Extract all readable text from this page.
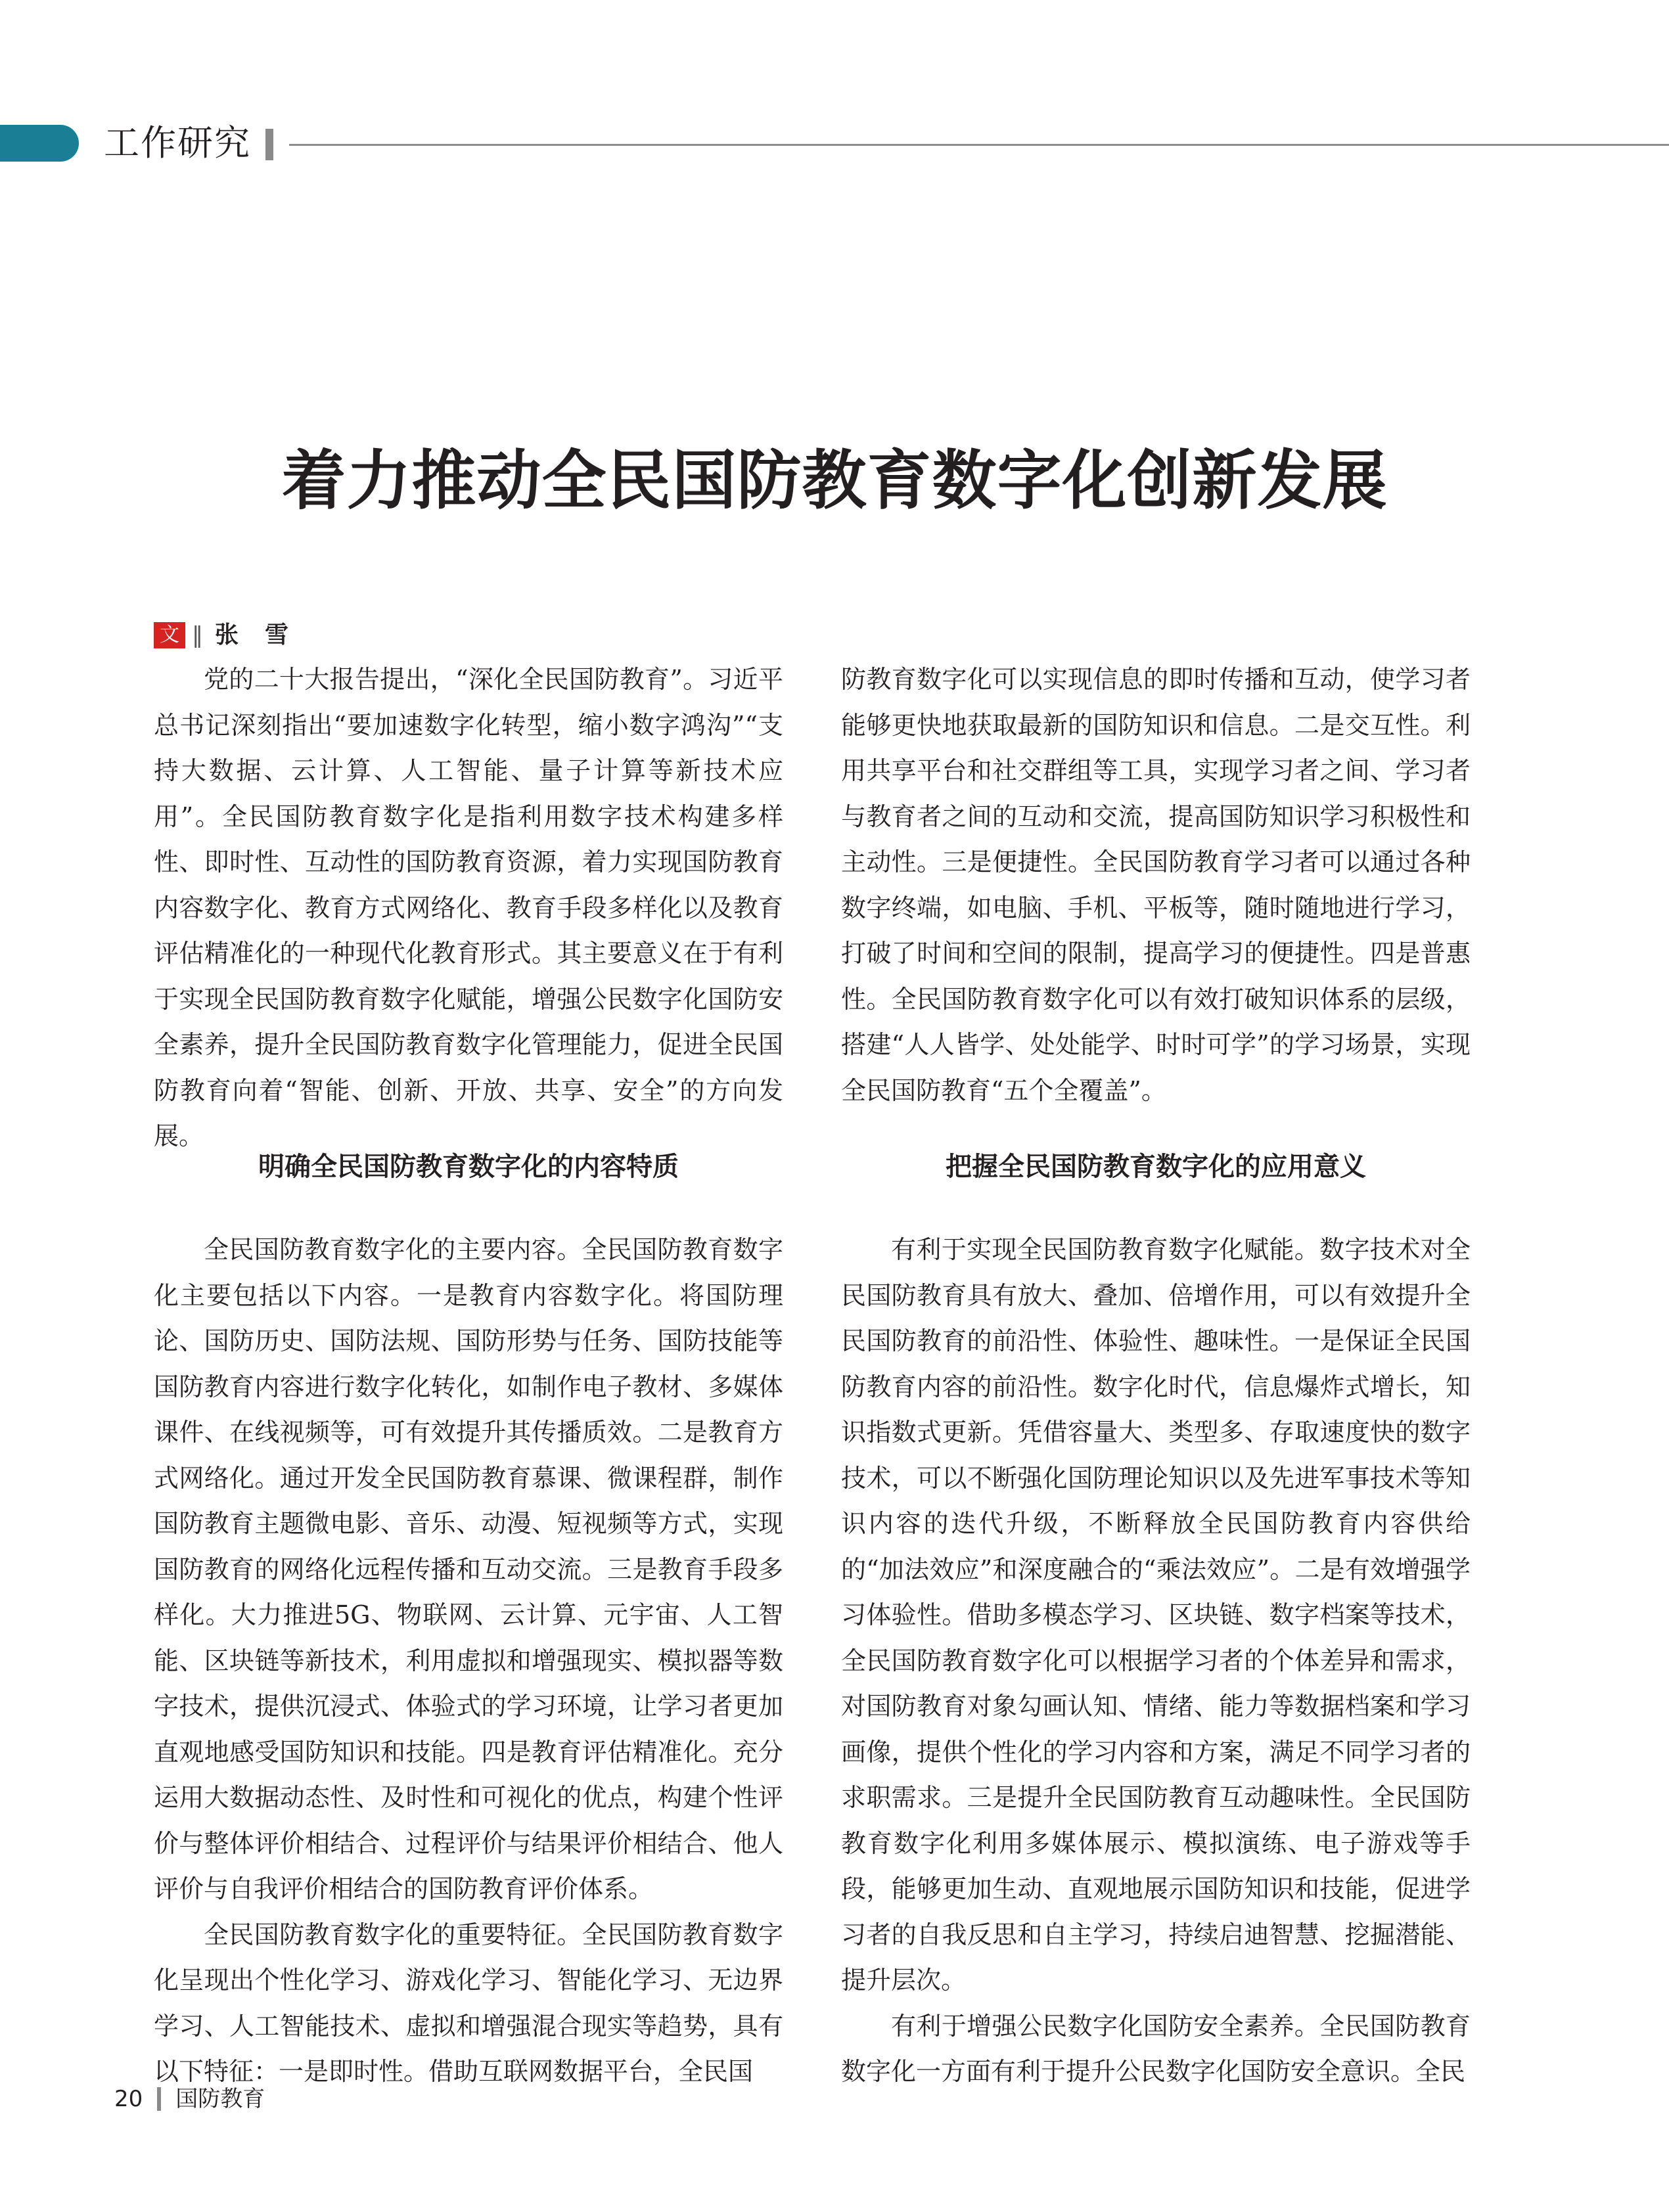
工作研究
着力推动全民国防教育数字化创新发展
文 ‖ 张雪

党的二十大报告提出，“深化全民国防教育”。习近平总书记深刻指出“要加速数字化转型，缩小数字鸿沟”“支持大数据、云计算、人工智能、量子计算等新技术应用”。全民国防教育数字化是指利用数字技术构建多样性、即时性、互动性的国防教育资源，着力实现国防教育内容数字化、教育方式网络化、教育手段多样化以及教育评估精准化的一种现代化教育形式。其主要意义在于有利于实现全民国防教育数字化赋能，增强公民数字化国防安全素养，提升全民国防教育数字化管理能力，促进全民国防教育向着“智能、创新、开放、共享、安全”的方向发展。

明确全民国防教育数字化的内容特质

全民国防教育数字化的主要内容。全民国防教育数字化主要包括以下内容。一是教育内容数字化。将国防理论、国防历史、国防法规、国防形势与任务、国防技能等国防教育内容进行数字化转化，如制作电子教材、多媒体课件、在线视频等，可有效提升其传播质效。二是教育方式网络化。通过开发全民国防教育慕课、微课程群，制作国防教育主题微电影、音乐、动漫、短视频等方式，实现国防教育的网络化远程传播和互动交流。三是教育手段多样化。大力推进5G、物联网、云计算、元宇宙、人工智能、区块链等新技术，利用虚拟和增强现实、模拟器等数字技术，提供沉浸式、体验式的学习环境，让学习者更加直观地感受国防知识和技能。四是教育评估精准化。充分运用大数据动态性、及时性和可视化的优点，构建个性评价与整体评价相结合、过程评价与结果评价相结合、他人评价与自我评价相结合的国防教育评价体系。

全民国防教育数字化的重要特征。全民国防教育数字化呈现出个性化学习、游戏化学习、智能化学习、无边界学习、人工智能技术、虚拟和增强混合现实等趋势，具有以下特征：一是即时性。借助互联网数据平台，全民国

防教育数字化可以实现信息的即时传播和互动，使学习者能够更快地获取最新的国防知识和信息。二是交互性。利用共享平台和社交群组等工具，实现学习者之间、学习者与教育者之间的互动和交流，提高国防知识学习积极性和主动性。三是便捷性。全民国防教育学习者可以通过各种数字终端，如电脑、手机、平板等，随时随地进行学习，打破了时间和空间的限制，提高学习的便捷性。四是普惠性。全民国防教育数字化可以有效打破知识体系的层级，搭建“人人皆学、处处能学、时时可学”的学习场景，实现全民国防教育“五个全覆盖”。

把握全民国防教育数字化的应用意义

有利于实现全民国防教育数字化赋能。数字技术对全民国防教育具有放大、叠加、倍增作用，可以有效提升全民国防教育的前沿性、体验性、趣味性。一是保证全民国防教育内容的前沿性。数字化时代，信息爆炸式增长，知识指数式更新。凭借容量大、类型多、存取速度快的数字技术，可以不断强化国防理论知识以及先进军事技术等知识内容的迭代升级，不断释放全民国防教育内容供给的“加法效应”和深度融合的“乘法效应”。二是有效增强学习体验性。借助多模态学习、区块链、数字档案等技术，全民国防教育数字化可以根据学习者的个体差异和需求，对国防教育对象勾画认知、情绪、能力等数据档案和学习画像，提供个性化的学习内容和方案，满足不同学习者的求职需求。三是提升全民国防教育互动趣味性。全民国防教育数字化利用多媒体展示、模拟演练、电子游戏等手段，能够更加生动、直观地展示国防知识和技能，促进学习者的自我反思和自主学习，持续启迪智慧、挖掘潜能、提升层次。

有利于增强公民数字化国防安全素养。全民国防教育数字化一方面有利于提升公民数字化国防安全意识。全民

20 国防教育
